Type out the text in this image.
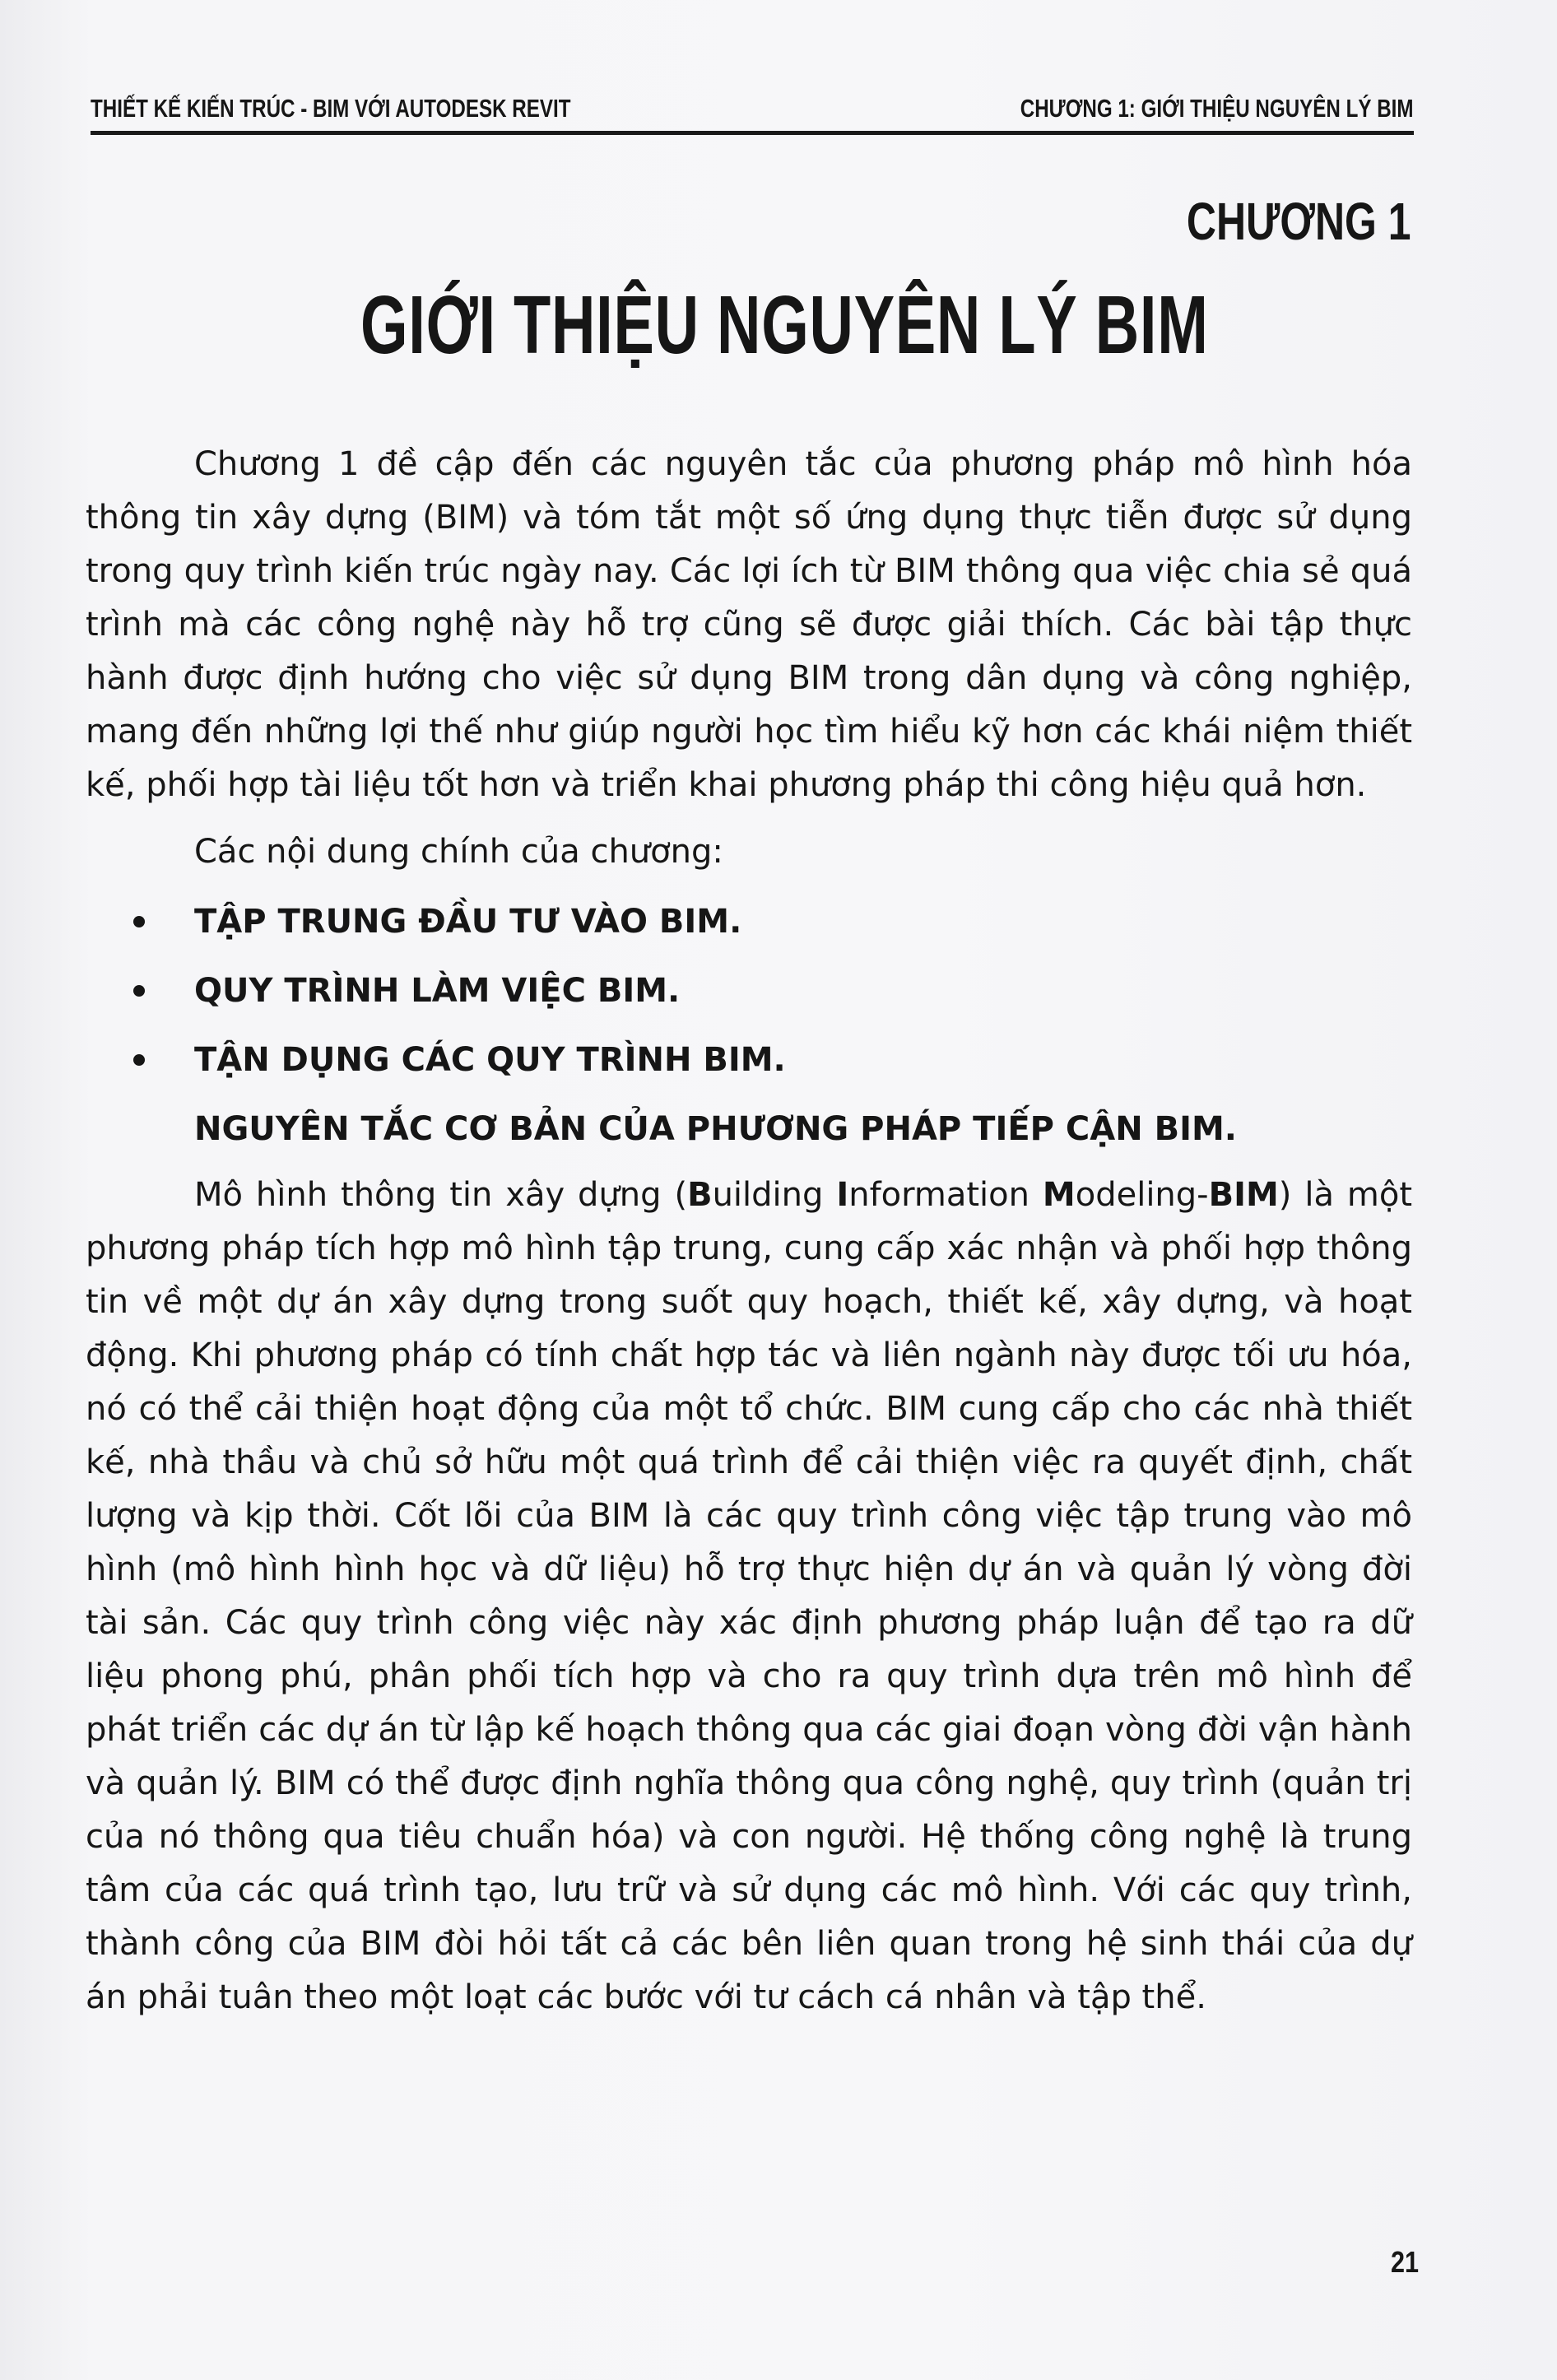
THIẾT KẾ KIẾN TRÚC - BIM VỚI AUTODESK REVIT	CHƯƠNG 1: GIỚI THIỆU NGUYÊN LÝ BIM
CHƯƠNG 1
GIỚI THIỆU NGUYÊN LÝ BIM

Chương 1 đề cập đến các nguyên tắc của phương pháp mô hình hóa thông tin xây dựng (BIM) và tóm tắt một số ứng dụng thực tiễn được sử dụng trong quy trình kiến trúc ngày nay. Các lợi ích từ BIM thông qua việc chia sẻ quá trình mà các công nghệ này hỗ trợ cũng sẽ được giải thích. Các bài tập thực hành được định hướng cho việc sử dụng BIM trong dân dụng và công nghiệp, mang đến những lợi thế như giúp người học tìm hiểu kỹ hơn các khái niệm thiết kế, phối hợp tài liệu tốt hơn và triển khai phương pháp thi công hiệu quả hơn.

Các nội dung chính của chương:

TẬP TRUNG ĐẦU TƯ VÀO BIM.
QUY TRÌNH LÀM VIỆC BIM.
TẬN DỤNG CÁC QUY TRÌNH BIM.
NGUYÊN TẮC CƠ BẢN CỦA PHƯƠNG PHÁP TIẾP CẬN BIM.

Mô hình thông tin xây dựng (Building Information Modeling-BIM) là một phương pháp tích hợp mô hình tập trung, cung cấp xác nhận và phối hợp thông tin về một dự án xây dựng trong suốt quy hoạch, thiết kế, xây dựng, và hoạt động. Khi phương pháp có tính chất hợp tác và liên ngành này được tối ưu hóa, nó có thể cải thiện hoạt động của một tổ chức. BIM cung cấp cho các nhà thiết kế, nhà thầu và chủ sở hữu một quá trình để cải thiện việc ra quyết định, chất lượng và kịp thời. Cốt lõi của BIM là các quy trình công việc tập trung vào mô hình (mô hình hình học và dữ liệu) hỗ trợ thực hiện dự án và quản lý vòng đời tài sản. Các quy trình công việc này xác định phương pháp luận để tạo ra dữ liệu phong phú, phân phối tích hợp và cho ra quy trình dựa trên mô hình để phát triển các dự án từ lập kế hoạch thông qua các giai đoạn vòng đời vận hành và quản lý. BIM có thể được định nghĩa thông qua công nghệ, quy trình (quản trị của nó thông qua tiêu chuẩn hóa) và con người. Hệ thống công nghệ là trung tâm của các quá trình tạo, lưu trữ và sử dụng các mô hình. Với các quy trình, thành công của BIM đòi hỏi tất cả các bên liên quan trong hệ sinh thái của dự án phải tuân theo một loạt các bước với tư cách cá nhân và tập thể.

21
